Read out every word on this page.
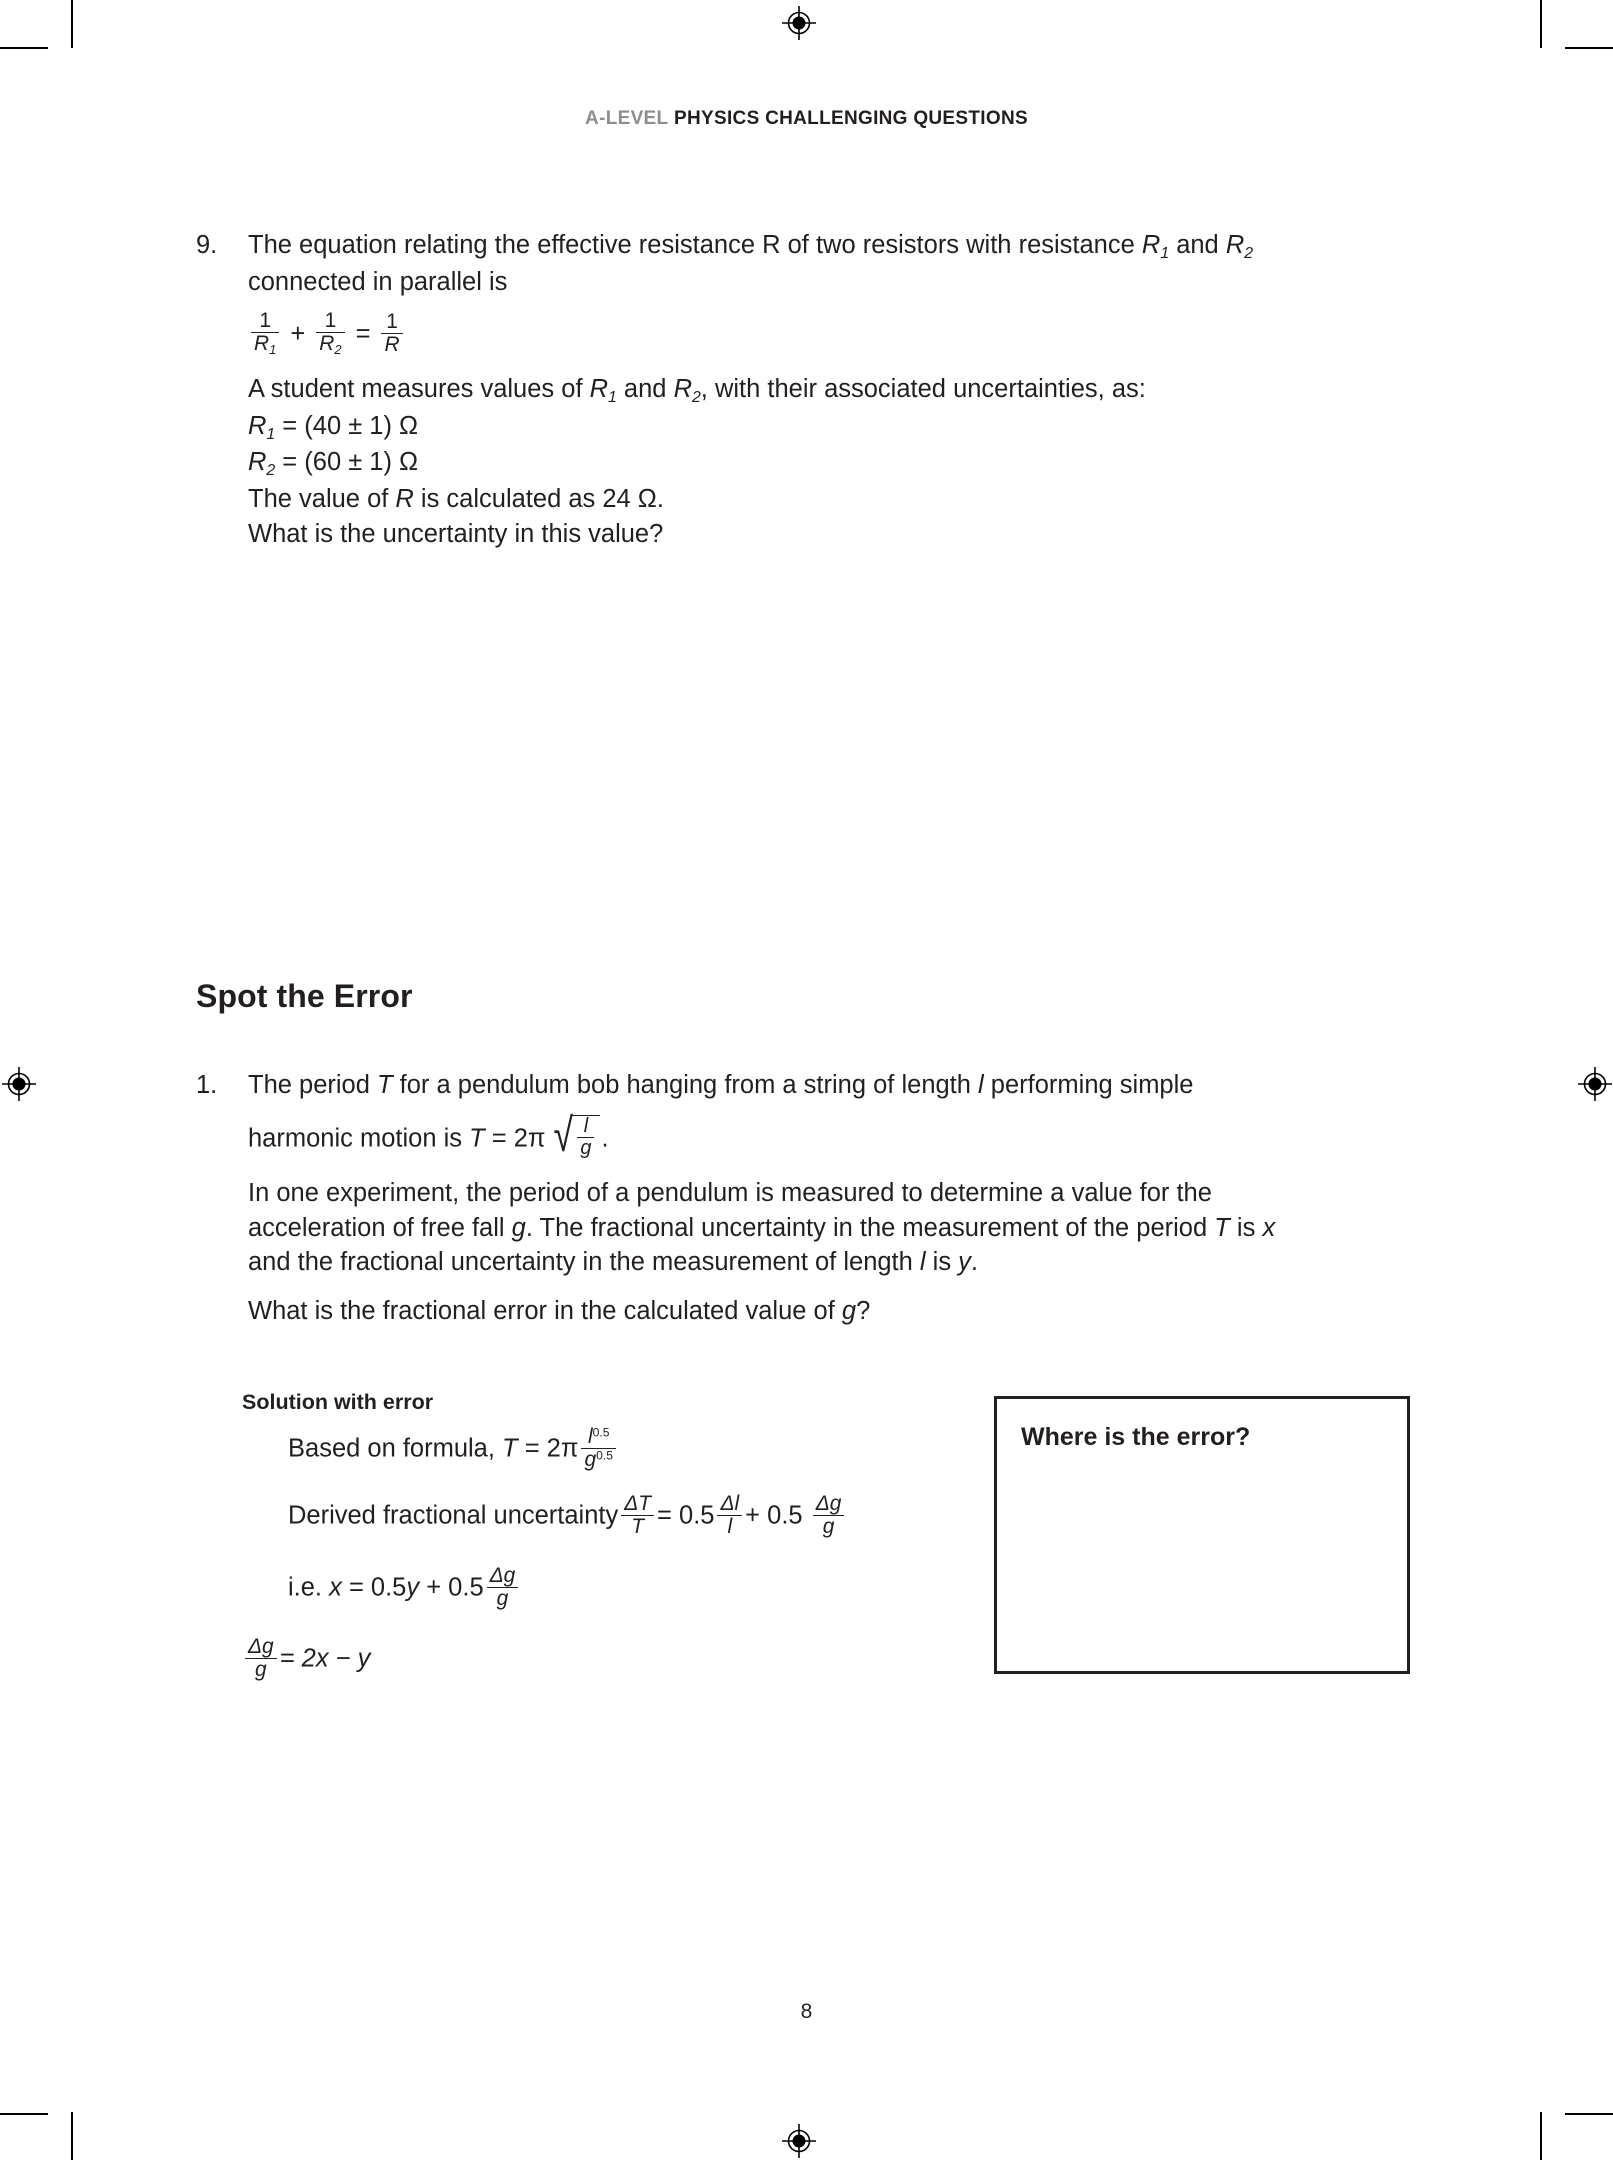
A-LEVEL PHYSICS CHALLENGING QUESTIONS
9.	The equation relating the effective resistance R of two resistors with resistance $R_1$ and $R_2$

connected in parallel is

$\frac{1}{R_1} + \frac{1}{R_2} = \frac{1}{R}$

A student measures values of $R_1$ and $R_2$, with their associated uncertainties, as:

$R_1 = (40 \pm 1)$ Ω

$R_2 = (60 \pm 1)$ Ω

The value of R is calculated as 24 Ω.

What is the uncertainty in this value?

Spot the Error
1.	The period T for a pendulum bob hanging from a string of length l performing simple

harmonic motion is T = 2π √ $\frac{l}{g}$ .

In one experiment, the period of a pendulum is measured to determine a value for the

acceleration of free fall g. The fractional uncertainty in the measurement of the period T is x

and the fractional uncertainty in the measurement of length l is y.

What is the fractional error in the calculated value of g?

Solution with error
Based on formula, $T = 2\pi \frac{l^{0.5}}{g^{0.5}}$
Derived fractional uncertainty $\frac{\Delta T}{T} = 0.5 \frac{\Delta l}{l} + 0.5 \frac{\Delta g}{g}$
i.e. $x = 0.5y + 0.5 \frac{\Delta g}{g}$
$\frac{\Delta g}{g} = 2x - y$
Where is the error?
8
